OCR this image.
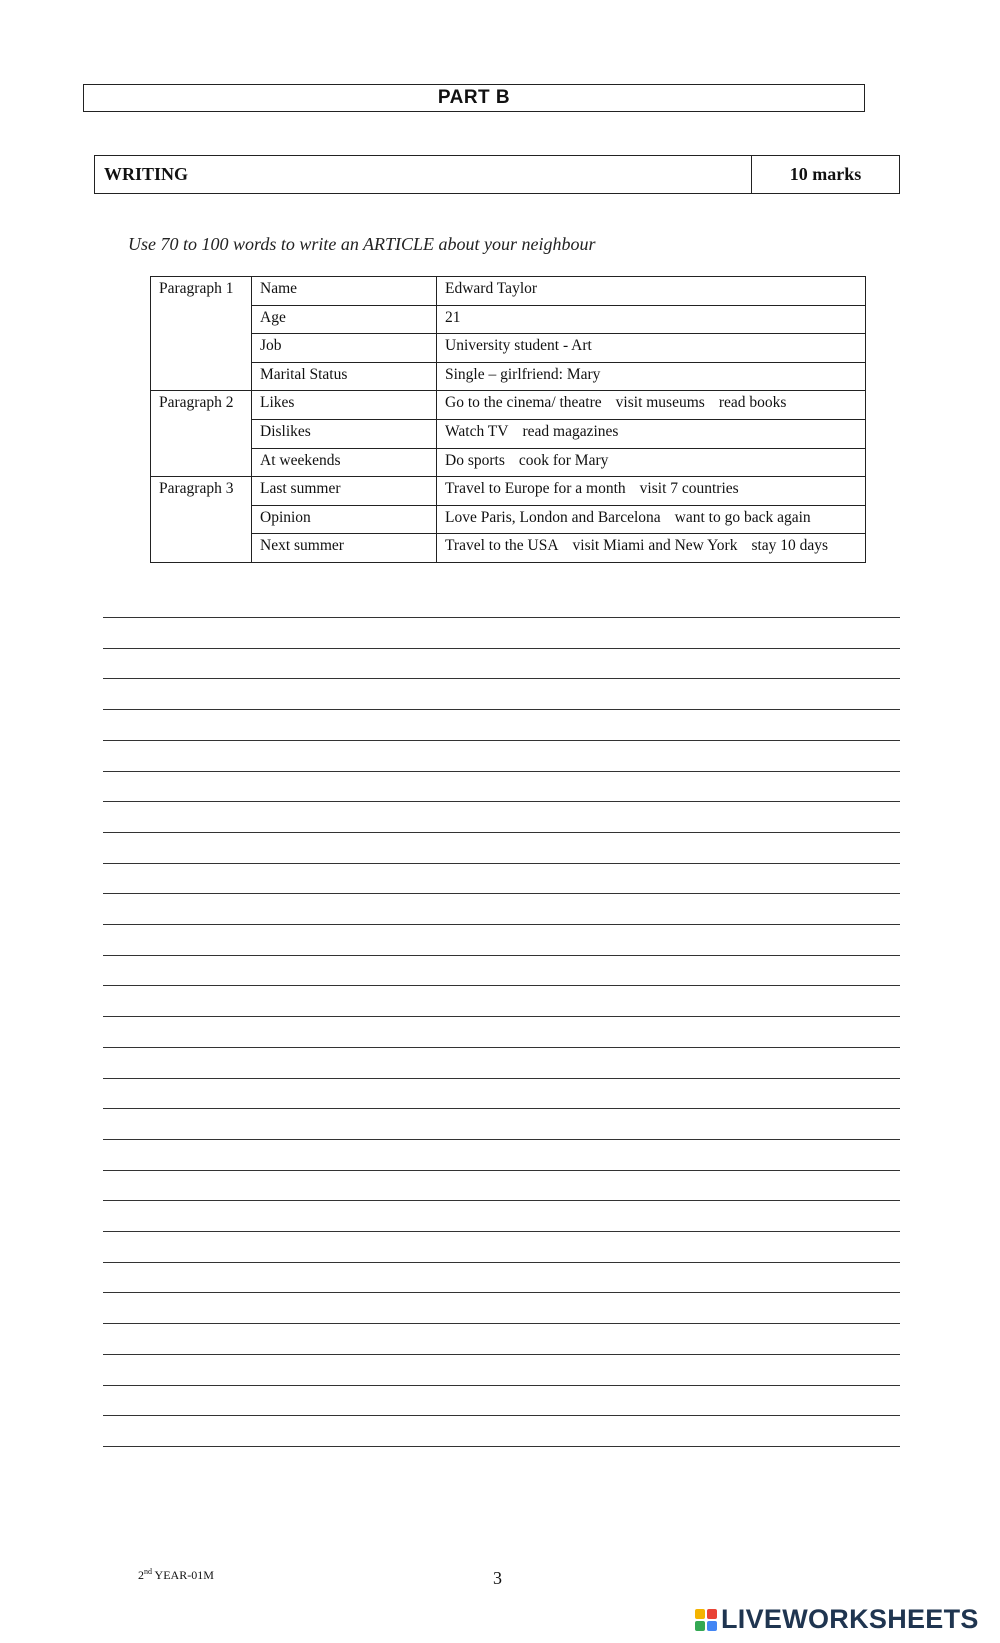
PART B
WRITING	10 marks
Use 70 to 100 words to write an ARTICLE about your neighbour
Paragraph 1	Name	Edward Taylor
	Age	21
	Job	University student - Art
	Marital Status	Single – girlfriend: Mary
Paragraph 2	Likes	Go to the cinema/ theatre visit museums read books
	Dislikes	Watch TV read magazines
	At weekends	Do sports cook for Mary
Paragraph 3	Last summer	Travel to Europe for a month visit 7 countries
	Opinion	Love Paris, London and Barcelona want to go back again
	Next summer	Travel to the USA visit Miami and New York stay 10 days
2nd YEAR-01M	3
LIVEWORKSHEETS
